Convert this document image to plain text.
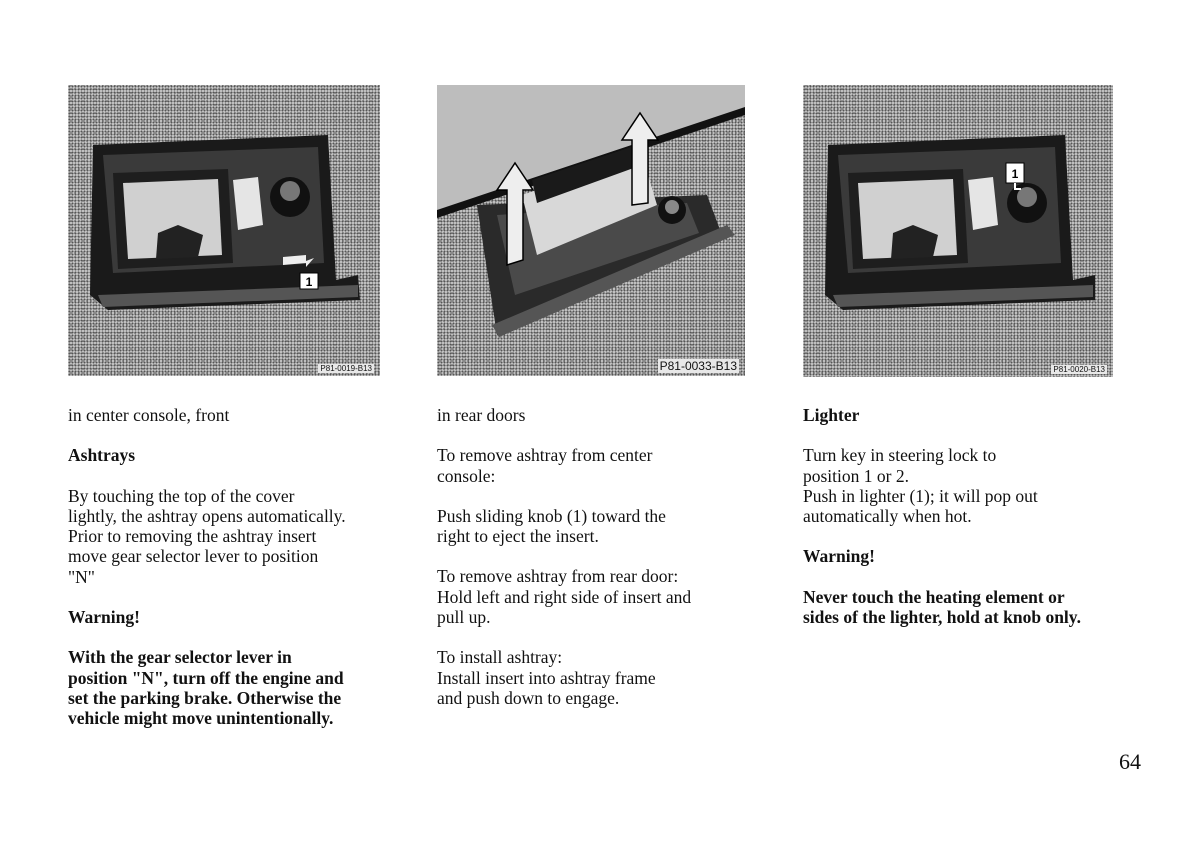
1
P81-0019-B13

in center console, front

Ashtrays

By touching the top of the cover

lightly, the ashtray opens automatically.

Prior to removing the ashtray insert

move gear selector lever to position

"N"

Warning!

With the gear selector lever in

position "N", turn off the engine and

set the parking brake. Otherwise the

vehicle might move unintentionally.

P81-0033-B13

in rear doors

To remove ashtray from center

console:

Push sliding knob (1) toward the

right to eject the insert.

To remove ashtray from rear door:

Hold left and right side of insert and

pull up.

To install ashtray:

Install insert into ashtray frame

and push down to engage.

1
P81-0020-B13

Lighter

Turn key in steering lock to

position 1 or 2.

Push in lighter (1); it will pop out

automatically when hot.

Warning!

Never touch the heating element or

sides of the lighter, hold at knob only.

64
